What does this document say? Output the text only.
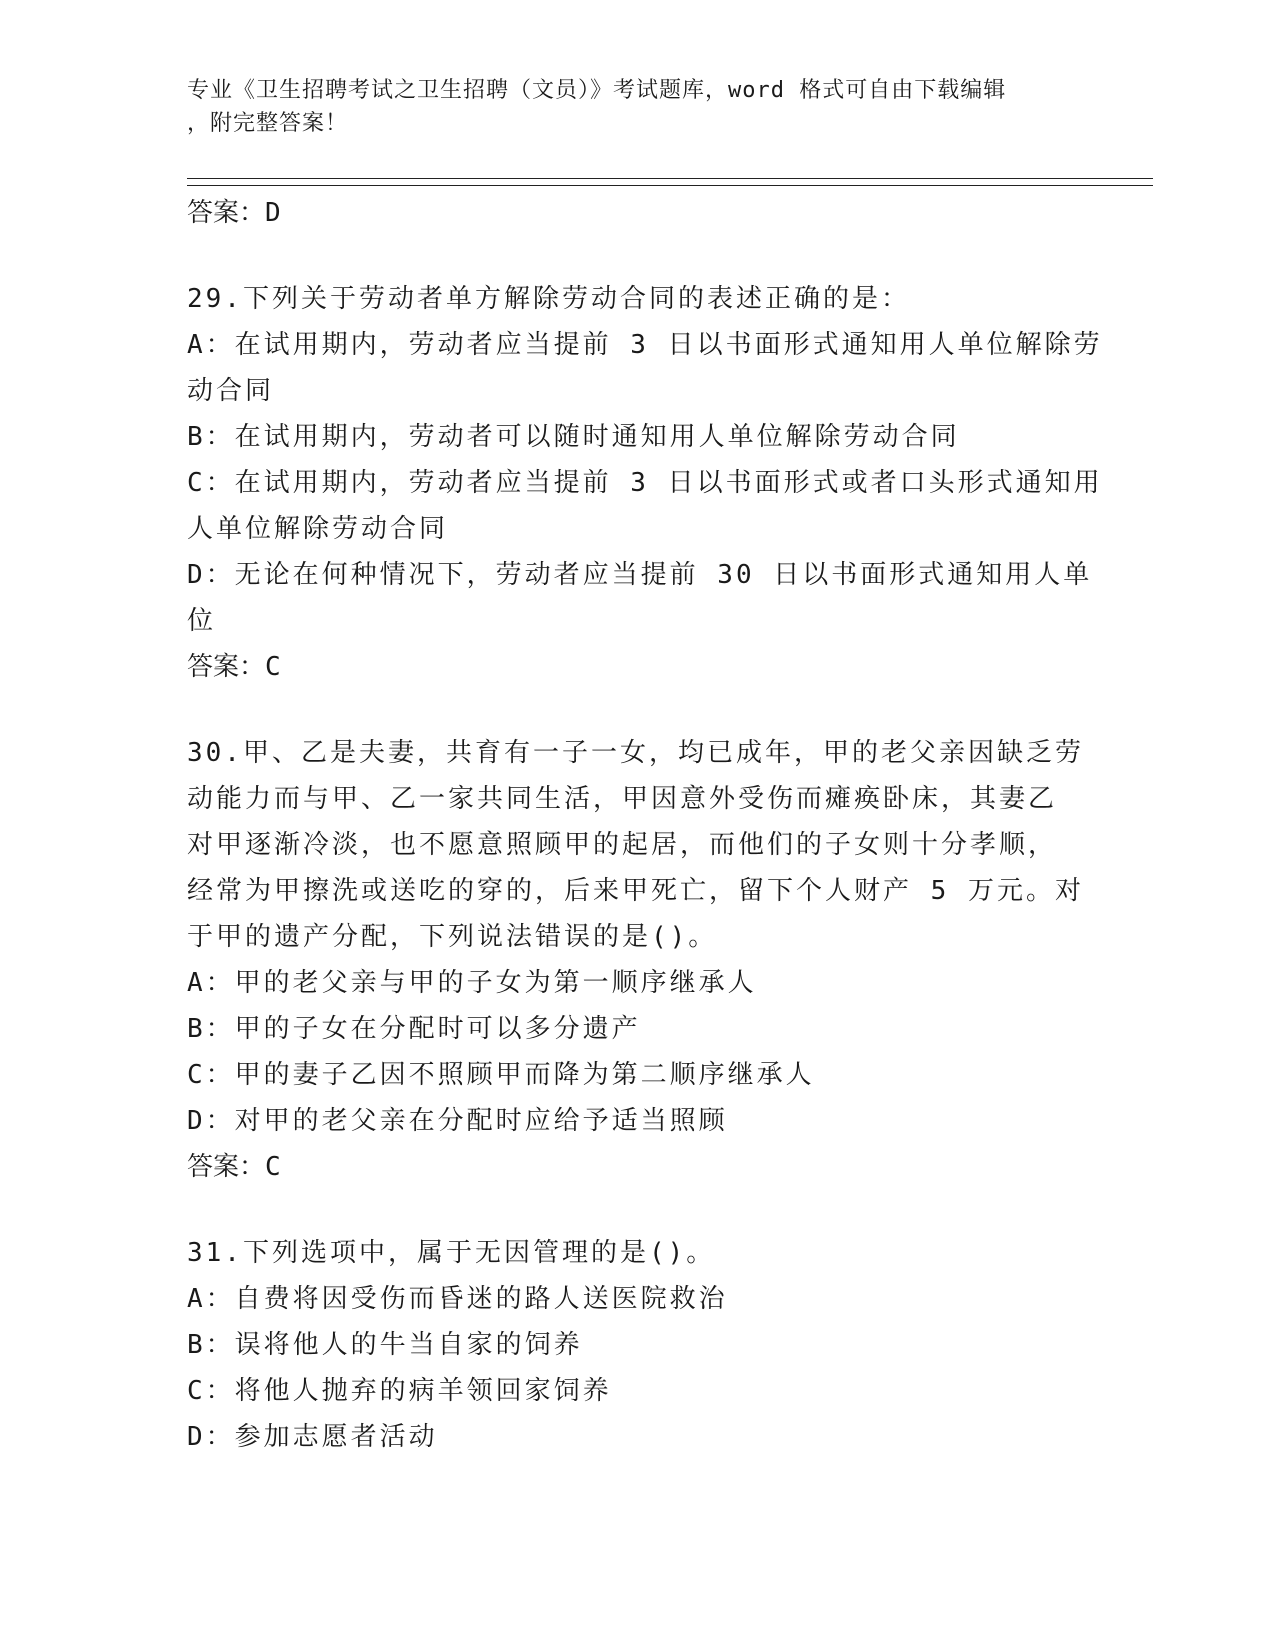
专业《卫生招聘考试之卫生招聘（文员）》考试题库，word 格式可自由下载编辑
，附完整答案！

答案：D

29.下列关于劳动者单方解除劳动合同的表述正确的是：

A：在试用期内，劳动者应当提前 3 日以书面形式通知用人单位解除劳

动合同

B：在试用期内，劳动者可以随时通知用人单位解除劳动合同

C：在试用期内，劳动者应当提前 3 日以书面形式或者口头形式通知用

人单位解除劳动合同

D：无论在何种情况下，劳动者应当提前 30 日以书面形式通知用人单

位

答案：C

30.甲、乙是夫妻，共育有一子一女，均已成年，甲的老父亲因缺乏劳

动能力而与甲、乙一家共同生活，甲因意外受伤而瘫痪卧床，其妻乙

对甲逐渐冷淡，也不愿意照顾甲的起居，而他们的子女则十分孝顺，

经常为甲擦洗或送吃的穿的，后来甲死亡，留下个人财产 5 万元。对

于甲的遗产分配，下列说法错误的是()。

A：甲的老父亲与甲的子女为第一顺序继承人

B：甲的子女在分配时可以多分遗产

C：甲的妻子乙因不照顾甲而降为第二顺序继承人

D：对甲的老父亲在分配时应给予适当照顾

答案：C

31.下列选项中，属于无因管理的是()。

A：自费将因受伤而昏迷的路人送医院救治

B：误将他人的牛当自家的饲养

C：将他人抛弃的病羊领回家饲养

D：参加志愿者活动
